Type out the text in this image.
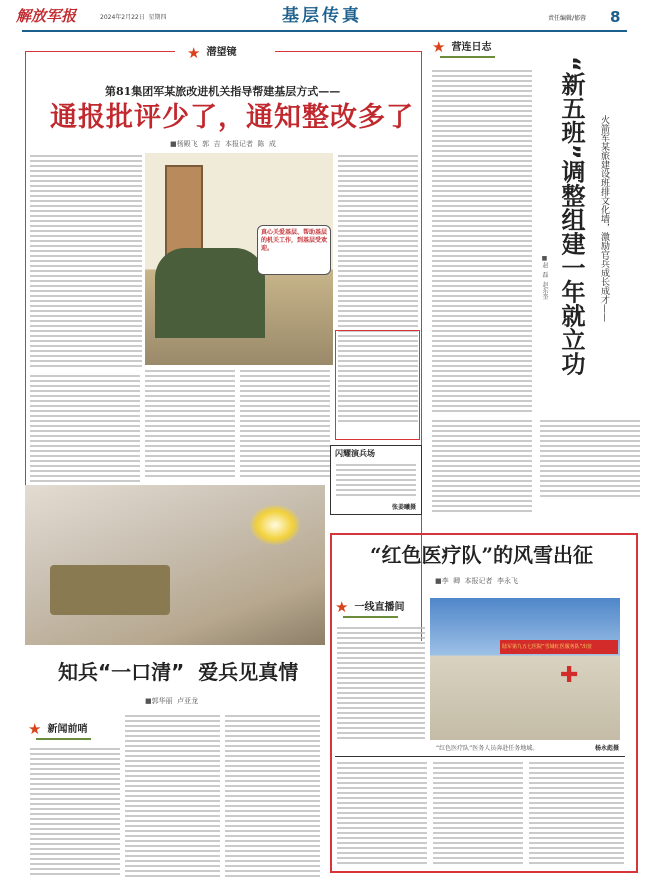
解放军报	2024年2月22日  星期四	基层传真	责任编辑/郁蓉 8
★ 潜望镜
第81集团军某旅改进机关指导帮建基层方式——
通报批评少了，通知整改多了
■杨殿飞  郭  吉  本报记者  陈  成
真心关爱基层、帮助基层的机关工作，到基层受欢迎。
闪耀演兵场
张姜曦摄
知兵“一口清”  爱兵见真情
■郭华丽  卢亚龙
★ 新闻前哨
★ 营连日志
“新五班”调整组建一年就立功 火箭军某旅建设班排文化墙，激励官兵成长成才——
■赵  磊  赵东奎
“红色医疗队”的风雪出征
■李  卿  本报记者  李永飞
★ 一线直播间
陆军第九五七医院“雪域红医服务队”出征
✚
“红色医疗队”医务人员奔赴任务地域。	杨永彪摄
